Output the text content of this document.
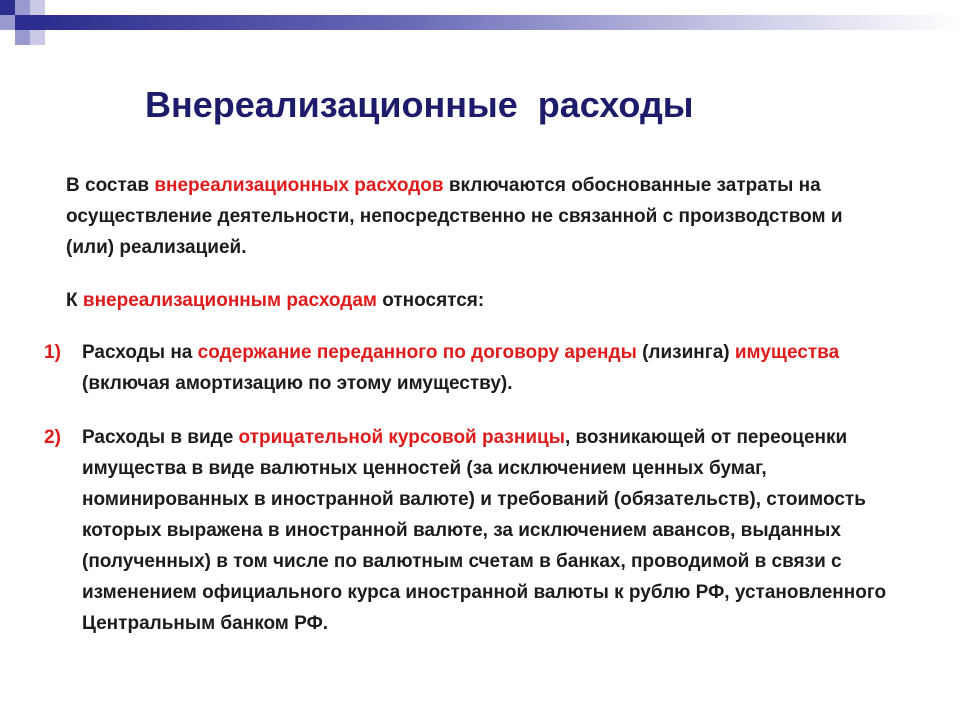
Внереализационные  расходы

В состав внереализационных расходов включаются обоснованные затраты на осуществление деятельности, непосредственно не связанной с производством и (или) реализацией.

К внереализационным расходам относятся:

1) Расходы на содержание переданного по договору аренды (лизинга) имущества (включая амортизацию по этому имуществу).
2) Расходы в виде отрицательной курсовой разницы, возникающей от переоценки имущества в виде валютных ценностей (за исключением ценных бумаг, номинированных в иностранной валюте) и требований (обязательств), стоимость которых выражена в иностранной валюте, за исключением авансов, выданных (полученных) в том числе по валютным счетам в банках, проводимой в связи с изменением официального курса иностранной валюты к рублю РФ, установленного Центральным банком РФ.
